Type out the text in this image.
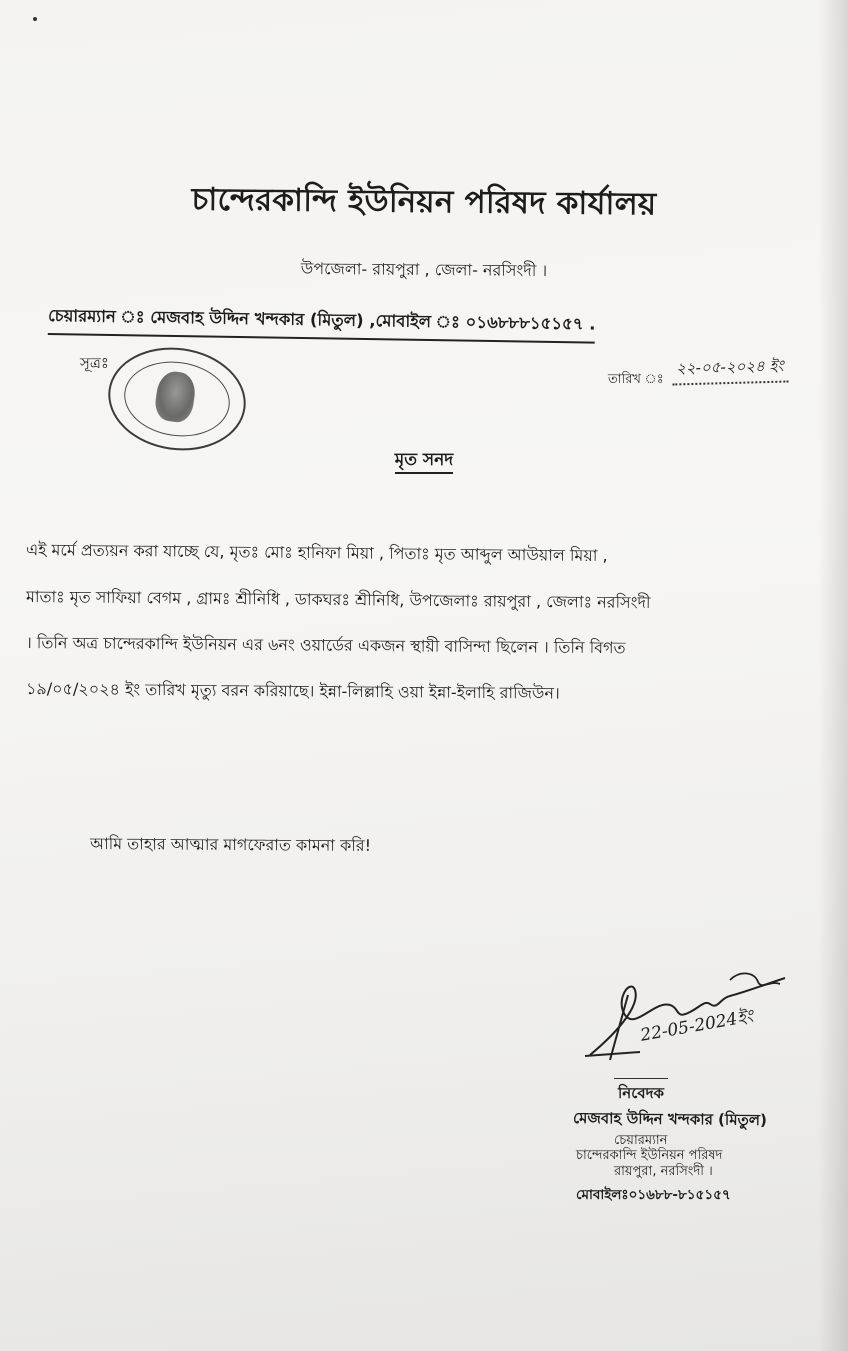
চান্দেরকান্দি ইউনিয়ন পরিষদ কার্যালয়
উপজেলা- রায়পুরা , জেলা- নরসিংদী ।
চেয়ারম্যান ঃ মেজবাহ উদ্দিন খন্দকার (মিতুল) ,মোবাইল ঃ ০১৬৮৮৮১৫১৫৭ .
সূত্রঃ
তারিখ ঃ
২২-০৫-২০২৪ ইং
মৃত সনদ
এই মর্মে প্রত্যয়ন করা যাচ্ছে যে, মৃতঃ মোঃ হানিফা মিয়া , পিতাঃ মৃত আব্দুল আউয়াল মিয়া ,
মাতাঃ মৃত সাফিয়া বেগম , গ্রামঃ শ্রীনিধি , ডাকঘরঃ শ্রীনিধি, উপজেলাঃ রায়পুরা , জেলাঃ নরসিংদী
। তিনি অত্র চান্দেরকান্দি ইউনিয়ন এর ৬নং ওয়ার্ডের একজন স্থায়ী বাসিন্দা ছিলেন । তিনি বিগত
১৯/০৫/২০২৪ ইং তারিখ মৃত্যু বরন করিয়াছে। ইন্না-লিল্লাহি ওয়া ইন্না-ইলাহি রাজিউন।
আমি তাহার আত্মার মাগফেরাত কামনা করি!
22-05-2024ইং
নিবেদক
মেজবাহ উদ্দিন খন্দকার (মিতুল)
চেয়ারম্যান
চান্দেরকান্দি ইউনিয়ন পরিষদ
রায়পুরা, নরসিংদী ।
মোবাইলঃ০১৬৮৮-৮১৫১৫৭
